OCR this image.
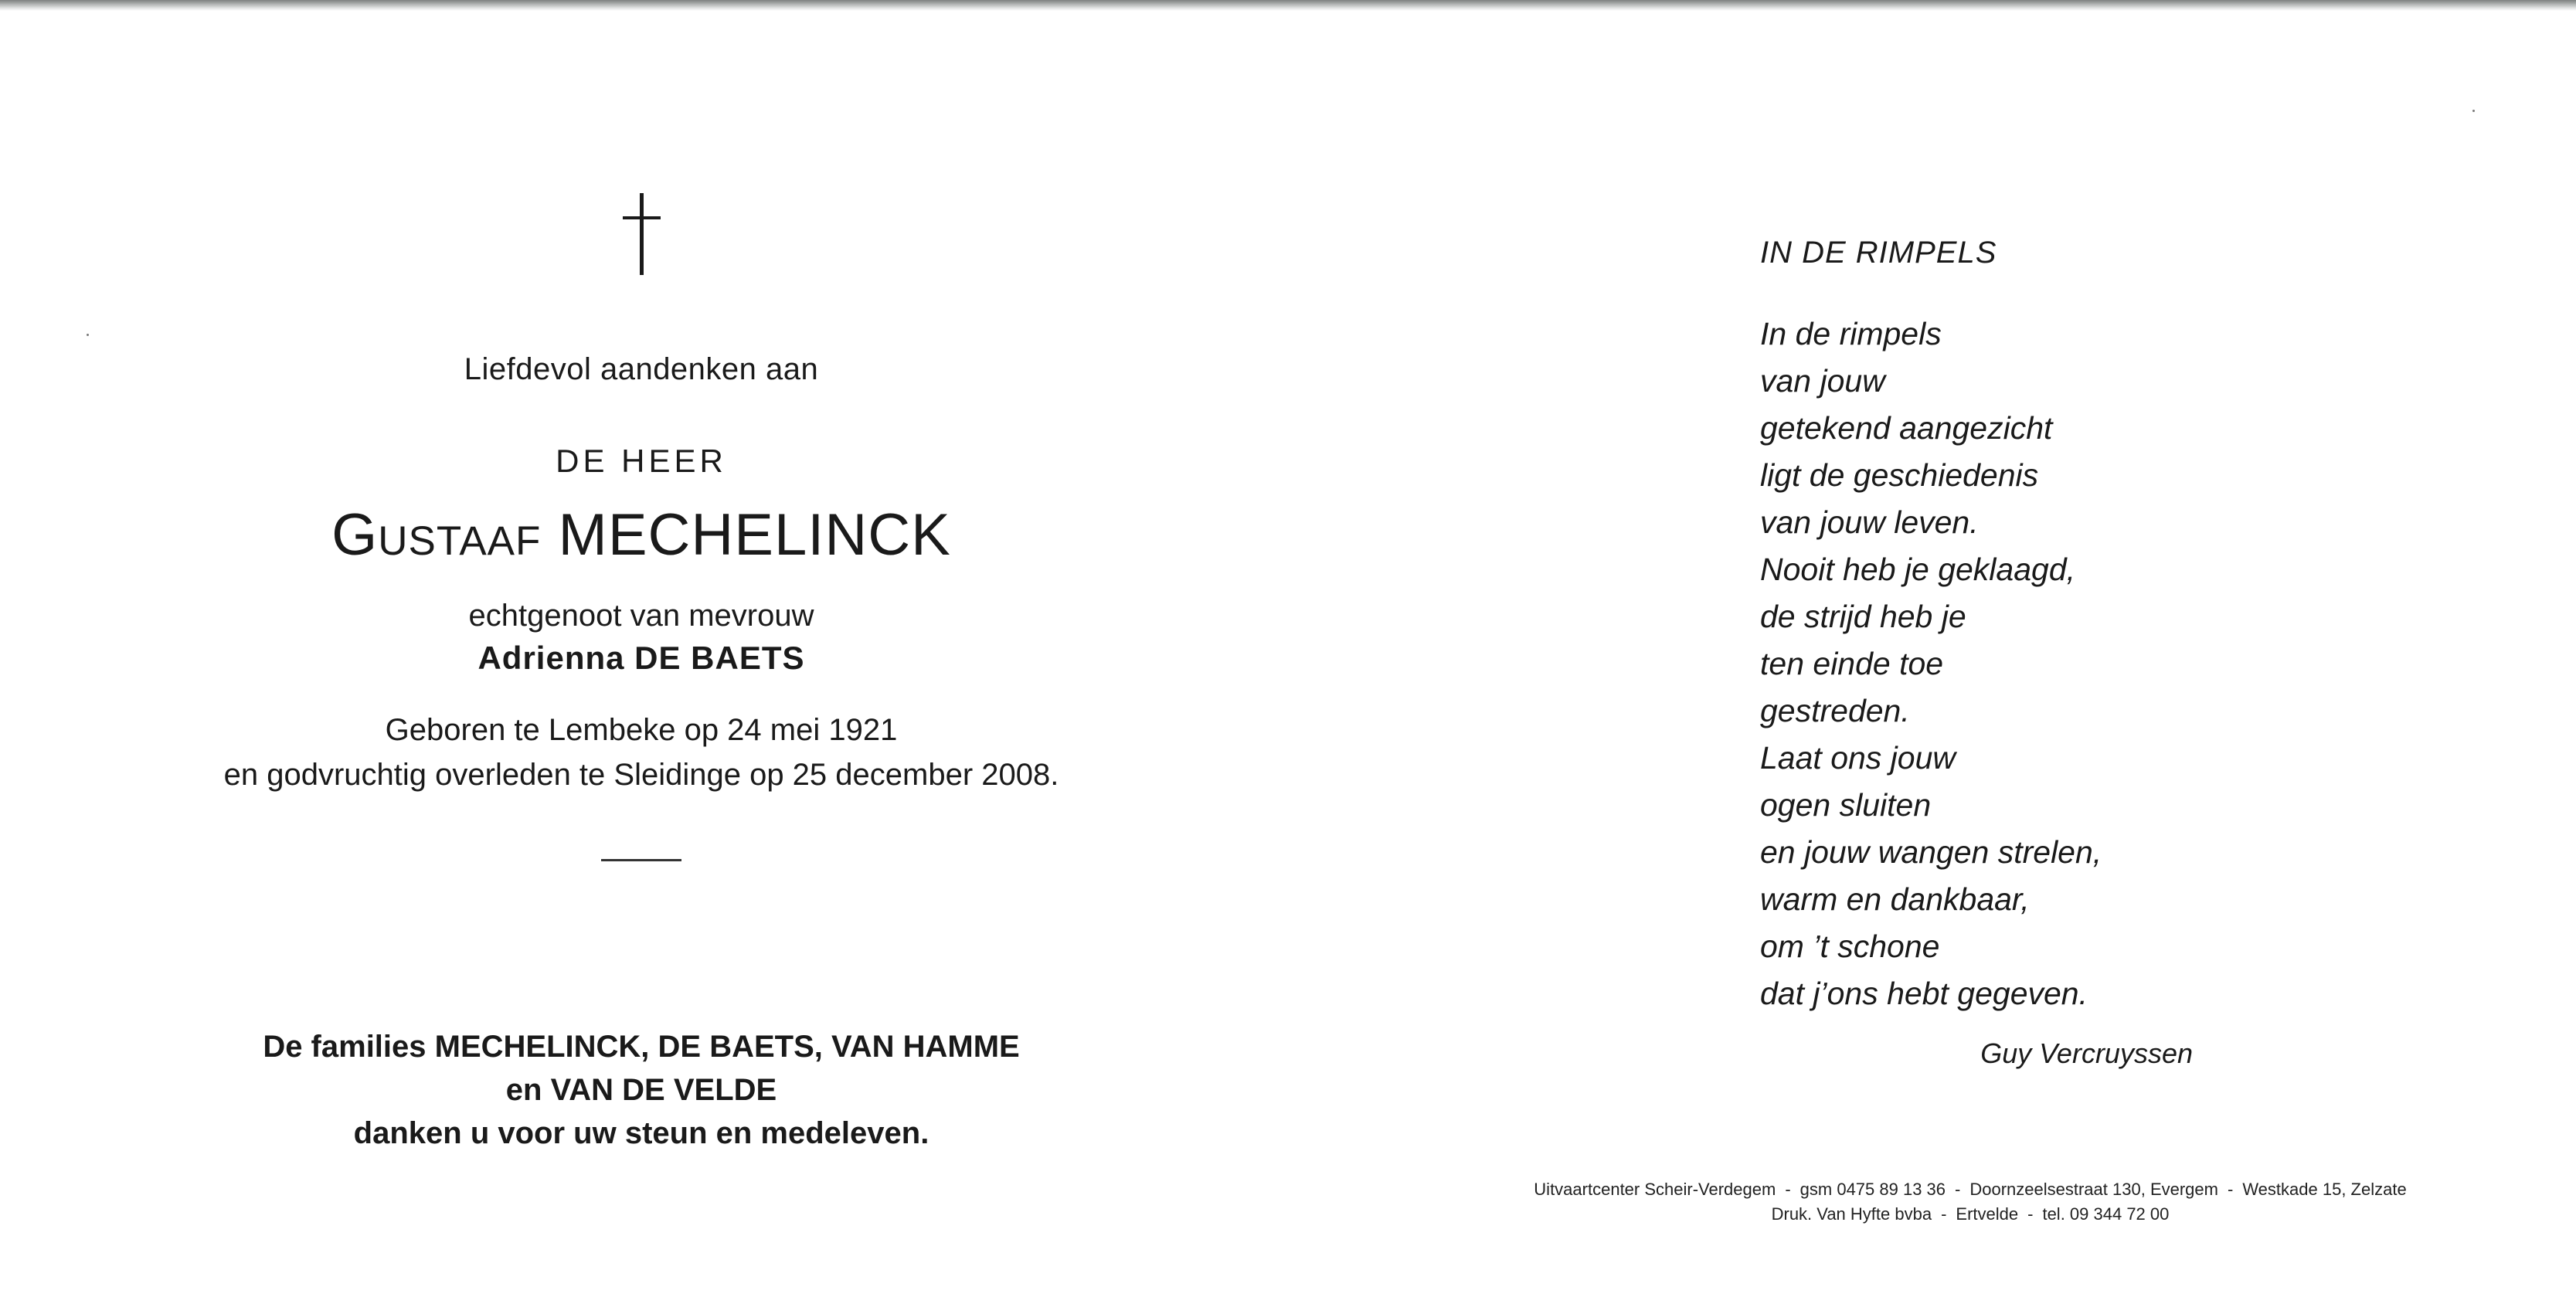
Liefdevol aandenken aan
DE HEER
Gustaaf MECHELINCK
echtgenoot van mevrouw
Adrienna DE BAETS
Geboren te Lembeke op 24 mei 1921
en godvruchtig overleden te Sleidinge op 25 december 2008.
De families MECHELINCK, DE BAETS, VAN HAMME
en VAN DE VELDE
danken u voor uw steun en medeleven.
IN DE RIMPELS
In de rimpels
van jouw
getekend aangezicht
ligt de geschiedenis
van jouw leven.
Nooit heb je geklaagd,
de strijd heb je
ten einde toe
gestreden.
Laat ons jouw
ogen sluiten
en jouw wangen strelen,
warm en dankbaar,
om ’t schone
dat j’ons hebt gegeven.
Guy Vercruyssen
Uitvaartcenter Scheir-Verdegem - gsm 0475 89 13 36 - Doornzeelsestraat 130, Evergem - Westkade 15, Zelzate
Druk. Van Hyfte bvba - Ertvelde - tel. 09 344 72 00
